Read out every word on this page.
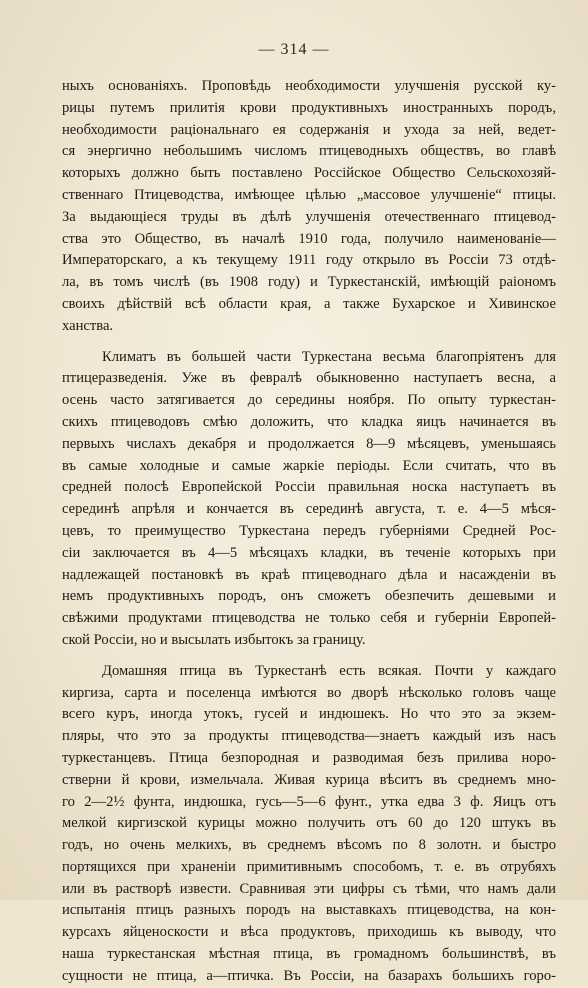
— 314 —
ныхъ основаніяхъ. Проповѣдь необходимости улучшенія русской ку-
рицы путемъ прилитія крови продуктивныхъ иностранныхъ породъ,
необходимости раціональнаго ея содержанія и ухода за ней, ведет-
ся энергично небольшимъ числомъ птицеводныхъ обществъ, во главѣ
которыхъ должно быть поставлено Россійское Общество Сельскохозяй-
ственнаго Птицеводства, имѣющее цѣлью „массовое улучшеніе“ птицы.
За выдающіеся труды въ дѣлѣ улучшенія отечественнаго птицевод-
ства это Общество, въ началѣ 1910 года, получило наименованіе—
Императорскаго, а къ текущему 1911 году открыло въ Россіи 73 отдѣ-
ла, въ томъ числѣ (въ 1908 году) и Туркестанскій, имѣющій раіономъ
своихъ дѣйствій всѣ области края, а также Бухарское и Хивинское
ханства.
Климатъ въ большей части Туркестана весьма благопріятенъ для
птицеразведенія. Уже въ февралѣ обыкновенно наступаетъ весна, а
осень часто затягивается до середины ноября. По опыту туркестан-
скихъ птицеводовъ смѣю доложить, что кладка яицъ начинается въ
первыхъ числахъ декабря и продолжается 8—9 мѣсяцевъ, уменьшаясь
въ самые холодные и самые жаркіе періоды. Если считать, что въ
средней полосѣ Европейской Россіи правильная носка наступаетъ въ
серединѣ апрѣля и кончается въ серединѣ августа, т. е. 4—5 мѣся-
цевъ, то преимущество Туркестана передъ губерніями Средней Рос-
сіи заключается въ 4—5 мѣсяцахъ кладки, въ теченіе которыхъ при
надлежащей постановкѣ въ краѣ птицеводнаго дѣла и насажденіи въ
немъ продуктивныхъ породъ, онъ сможетъ обезпечить дешевыми и
свѣжими продуктами птицеводства не только себя и губерніи Европей-
ской Россіи, но и высылать избытокъ за границу.
Домашняя птица въ Туркестанѣ есть всякая. Почти у каждаго
киргиза, сарта и поселенца имѣются во дворѣ нѣсколько головъ чаще
всего куръ, иногда утокъ, гусей и индюшекъ. Но что это за экзем-
пляры, что это за продукты птицеводства—знаетъ каждый изъ насъ
туркестанцевъ. Птица безпородная и разводимая безъ прилива норо-
стверни й крови, измельчала. Живая курица вѣситъ въ среднемъ мно-
го 2—2½ фунта, индюшка, гусь—5—6 фунт., утка едва 3 ф. Яицъ отъ
мелкой киргизской курицы можно получить отъ 60 до 120 штукъ въ
годъ, но очень мелкихъ, въ среднемъ вѣсомъ по 8 золотн. и быстро
портящихся при храненіи примитивнымъ способомъ, т. е. въ отрубяхъ
или въ растворѣ извести. Сравнивая эти цифры съ тѣми, что намъ дали
испытанія птицъ разныхъ породъ на выставкахъ птицеводства, на кон-
курсахъ яйценоскости и вѣса продуктовъ, приходишь къ выводу, что
наша туркестанская мѣстная птица, въ громадномъ большинствѣ, въ
сущности не птица, а—птичка. Въ Россіи, на базарахъ большихъ горо-
